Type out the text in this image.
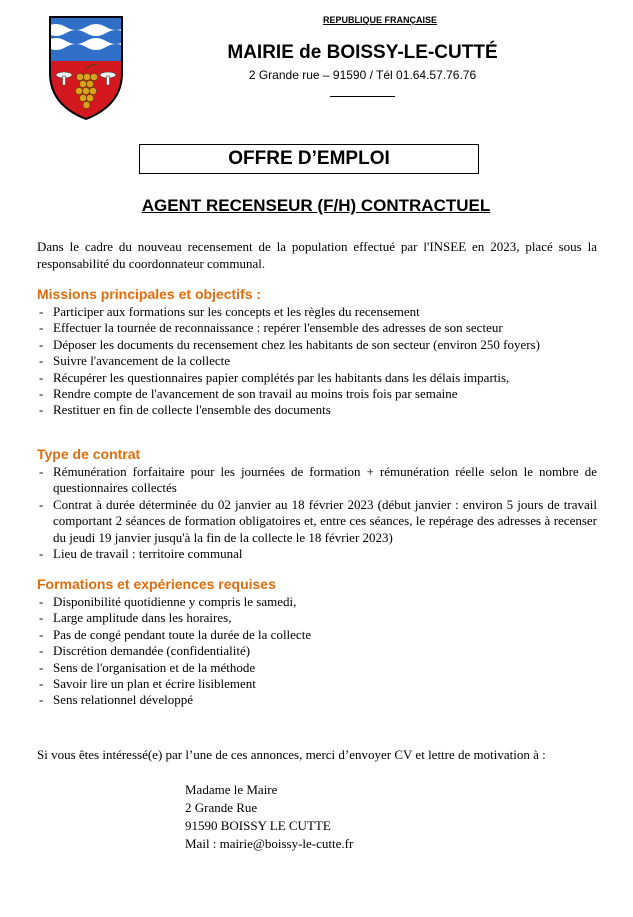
REPUBLIQUE FRANÇAISE
MAIRIE de BOISSY-LE-CUTTÉ
2 Grande rue – 91590 / Tél 01.64.57.76.76
OFFRE D’EMPLOI
AGENT RECENSEUR (F/H) CONTRACTUEL
Dans le cadre du nouveau recensement de la population effectué par l'INSEE en 2023, placé sous la responsabilité du coordonnateur communal.
Missions principales et objectifs :
- Participer aux formations sur les concepts et les règles du recensement
- Effectuer la tournée de reconnaissance : repérer l'ensemble des adresses de son secteur
- Déposer les documents du recensement chez les habitants de son secteur (environ 250 foyers)
- Suivre l'avancement de la collecte
- Récupérer les questionnaires papier complétés par les habitants dans les délais impartis,
- Rendre compte de l'avancement de son travail au moins trois fois par semaine
- Restituer en fin de collecte l'ensemble des documents
Type de contrat
- Rémunération forfaitaire pour les journées de formation + rémunération réelle selon le nombre de questionnaires collectés
- Contrat à durée déterminée du 02 janvier au 18 février 2023 (début janvier : environ 5 jours de travail comportant 2 séances de formation obligatoires et, entre ces séances, le repérage des adresses à recenser du jeudi 19 janvier jusqu'à la fin de la collecte le 18 février 2023)
- Lieu de travail : territoire communal
Formations et expériences requises
- Disponibilité quotidienne y compris le samedi,
- Large amplitude dans les horaires,
- Pas de congé pendant toute la durée de la collecte
- Discrétion demandée (confidentialité)
- Sens de l'organisation et de la méthode
- Savoir lire un plan et écrire lisiblement
- Sens relationnel développé
Si vous êtes intéressé(e) par l’une de ces annonces, merci d’envoyer CV et lettre de motivation à :
Madame le Maire
2 Grande Rue
91590 BOISSY LE CUTTE
Mail : mairie@boissy-le-cutte.fr
